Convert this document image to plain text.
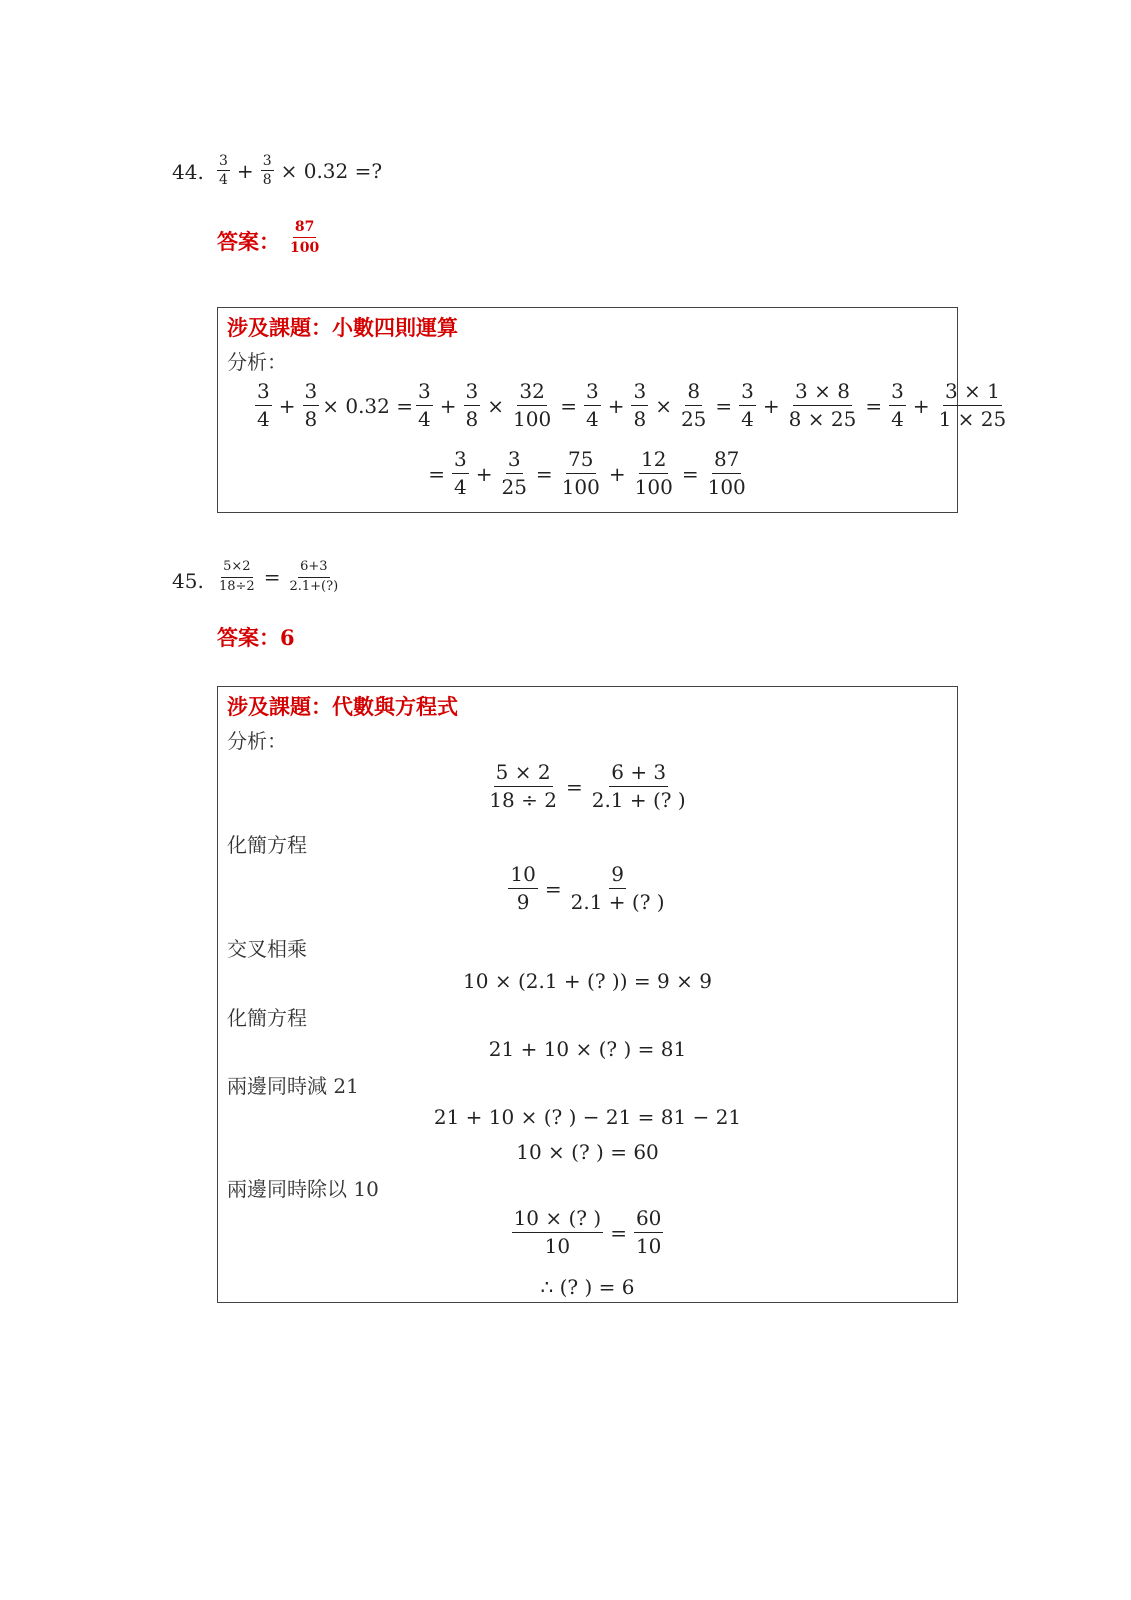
44. $\frac{3}{4} + \frac{3}{8} \times 0.32$ =?
答案： $\frac{87}{100}$
涉及課題：小數四則運算
分析：
$\frac{3}{4} + \frac{3}{8} \times 0.32 = \frac{3}{4} + \frac{3}{8} \times \frac{32}{100} = \frac{3}{4} + \frac{3}{8} \times \frac{8}{25} = \frac{3}{4} + \frac{3 \times 8}{8 \times 25} = \frac{3}{4} + \frac{3 \times 1}{1 \times 25}$
= $\frac{3}{4} + \frac{3}{25} = \frac{75}{100} + \frac{12}{100} = \frac{87}{100}$
45. $\frac{5\times 2}{18\div 2} = \frac{6+3}{2.1+(?)}$
答案：6
涉及課題：代數與方程式
分析：
$\frac{5 \times 2}{18 \div 2} = \frac{6 + 3}{2.1 + (? )}$
化簡方程
$\frac{10}{9} = \frac{9}{2.1 + (? )}$
交叉相乘
10 × (2.1 + (? )) = 9 × 9
化簡方程
21 + 10 × (? ) = 81
兩邊同時減 21
21 + 10 × (? ) − 21 = 81 − 21
10 × (? ) = 60
兩邊同時除以 10
$\frac{10 \times (? )}{10} = \frac{60}{10}$
∴ (? ) = 6
